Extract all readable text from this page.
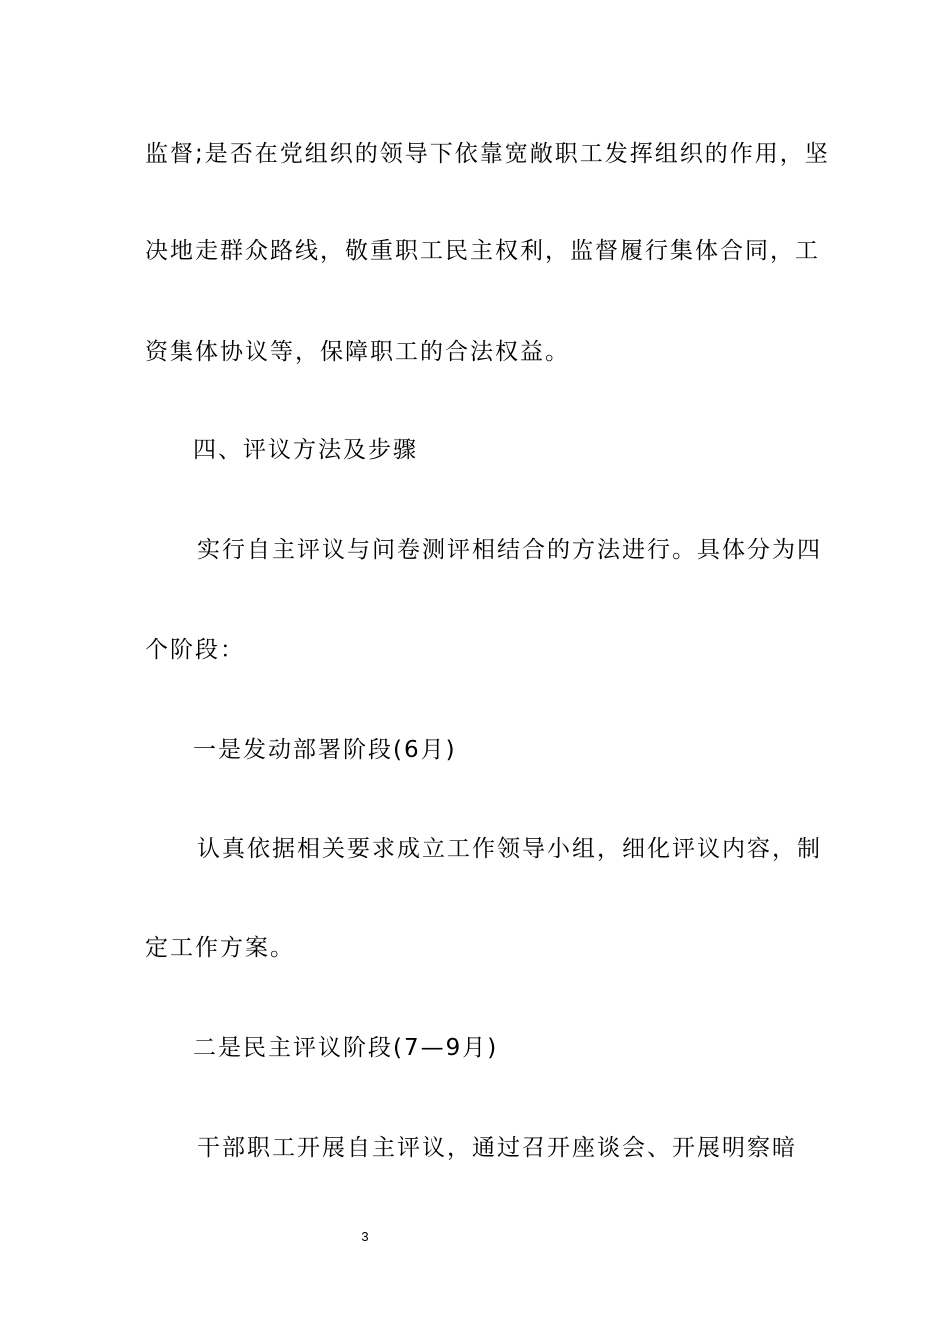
监督;是否在党组织的领导下依靠宽敞职工发挥组织的作用，坚
决地走群众路线，敬重职工民主权利，监督履行集体合同，工
资集体协议等，保障职工的合法权益。
四、评议方法及步骤
实行自主评议与问卷测评相结合的方法进行。具体分为四
个阶段：
一是发动部署阶段(6月)
认真依据相关要求成立工作领导小组，细化评议内容，制
定工作方案。
二是民主评议阶段(7—9月)
干部职工开展自主评议，通过召开座谈会、开展明察暗
3
